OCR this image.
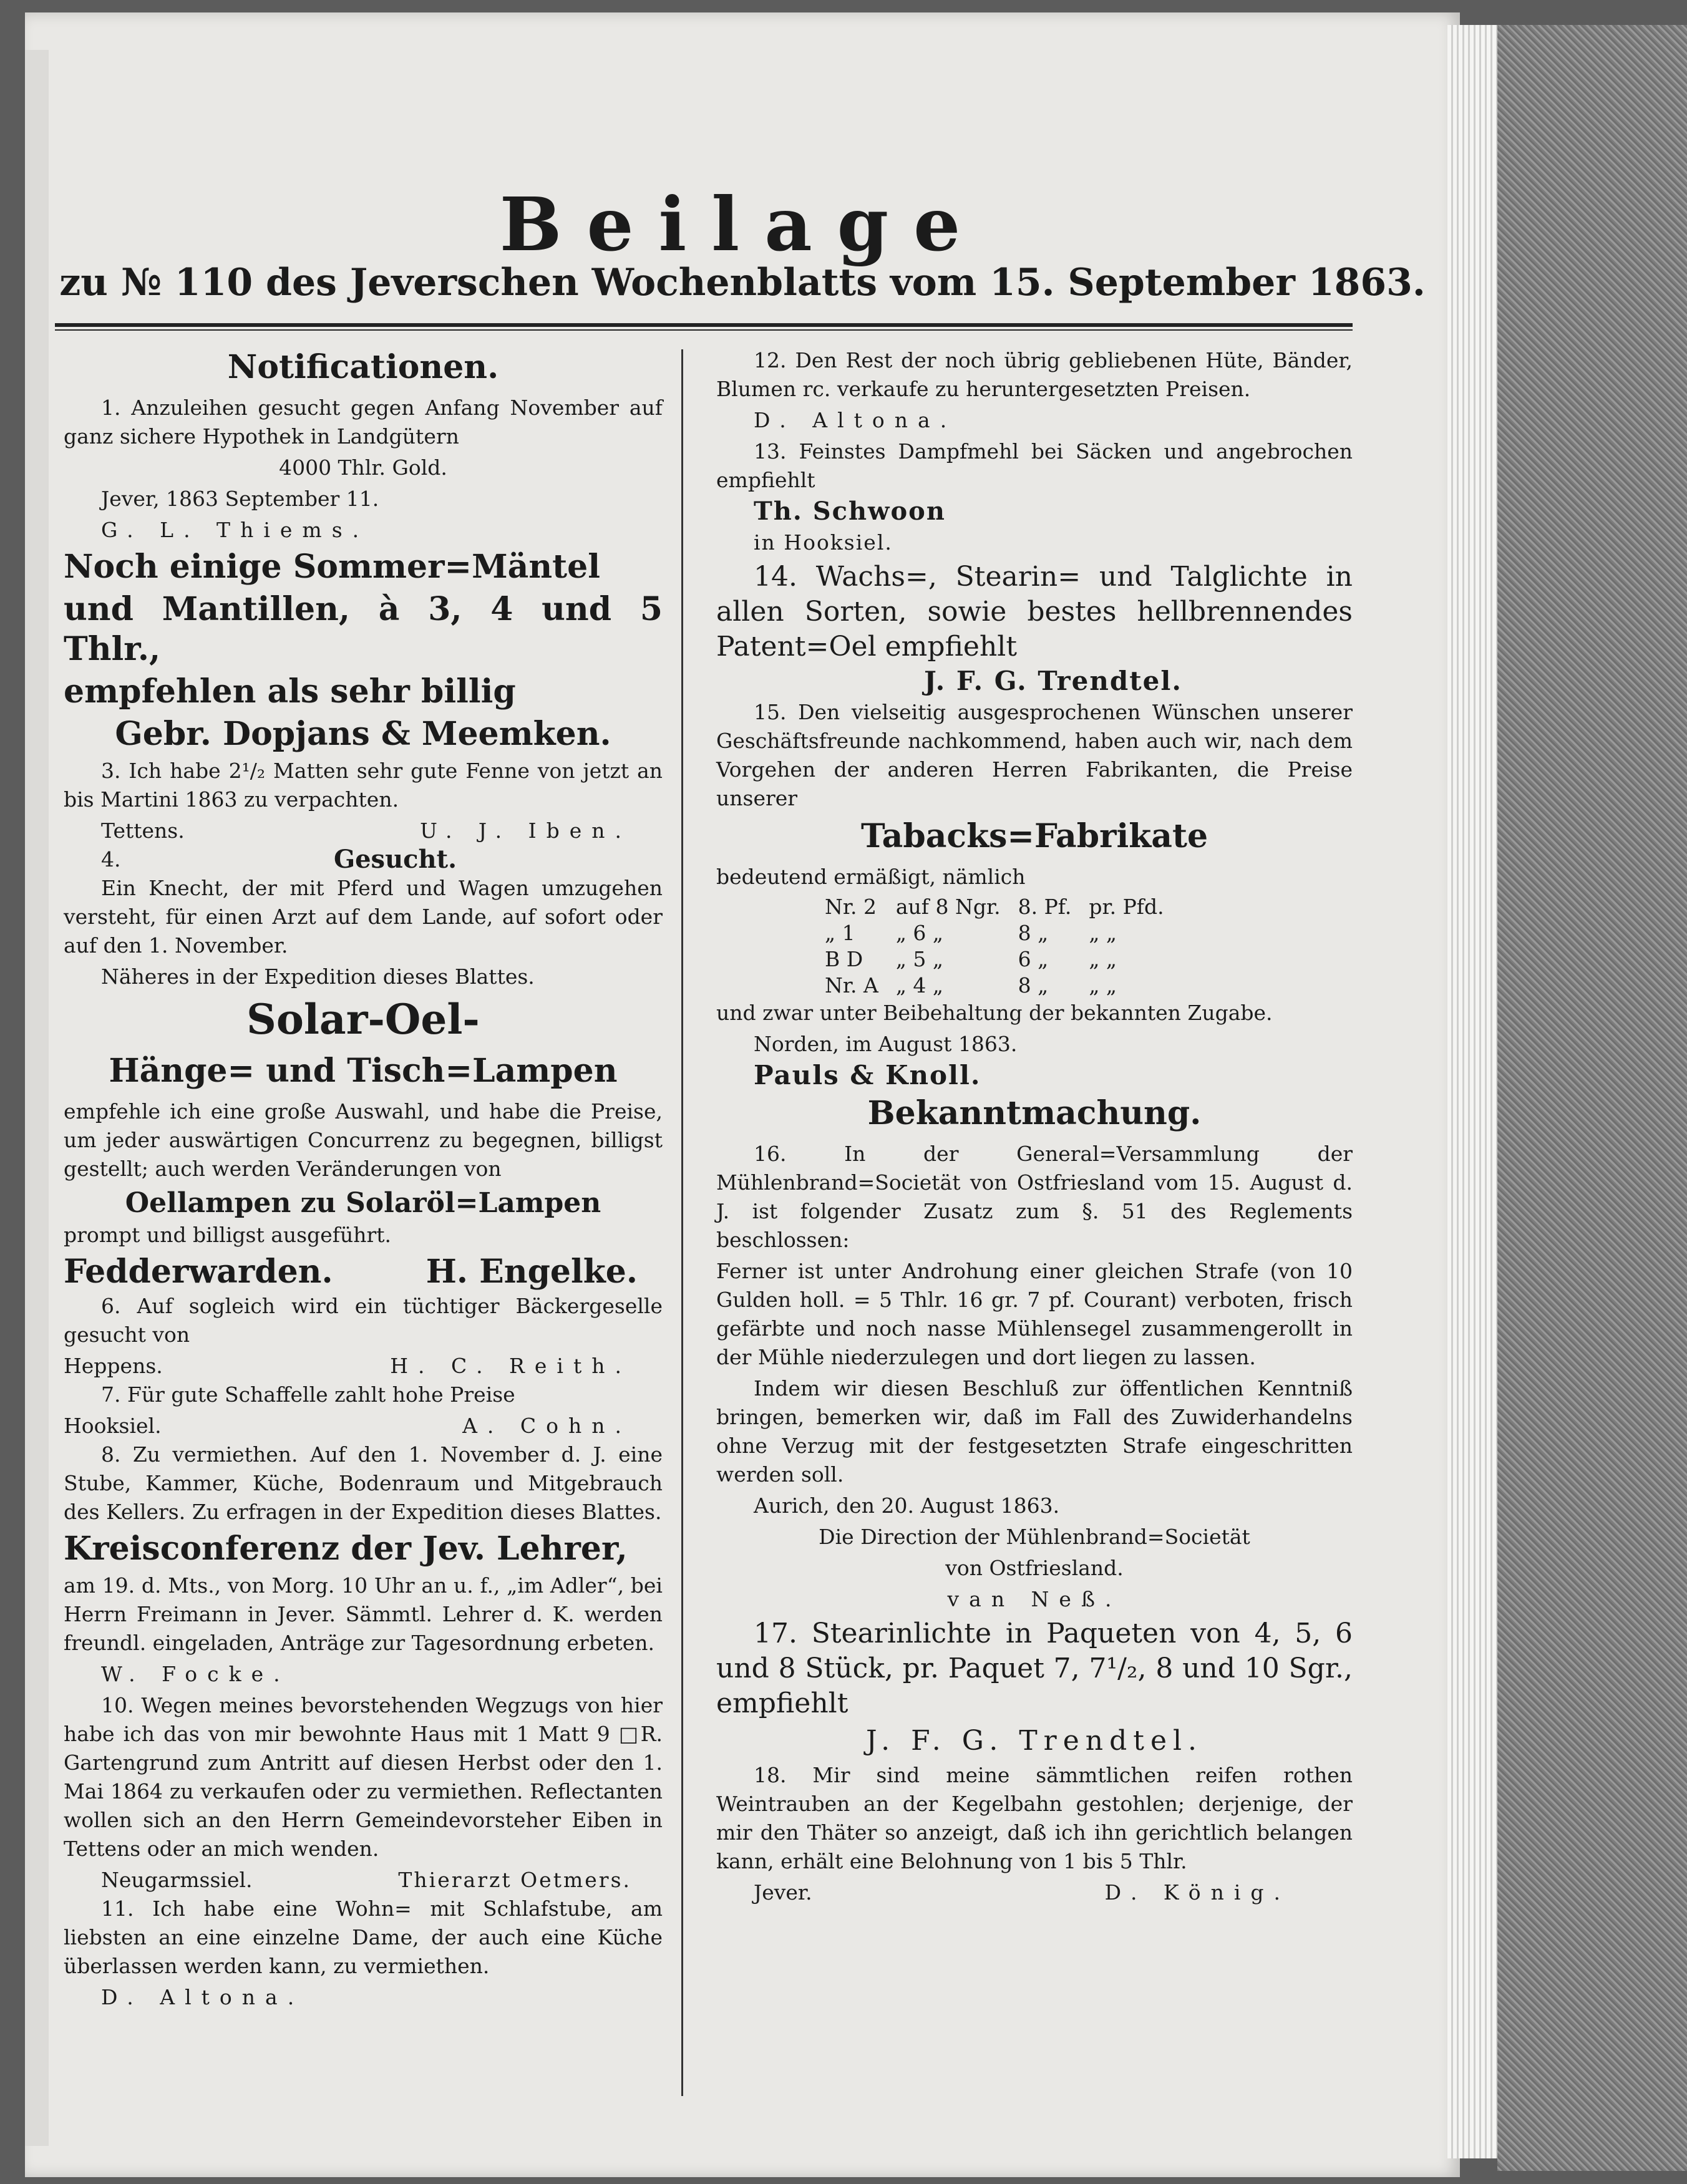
Beilage
zu № 110 des Jeverschen Wochenblatts vom 15. September 1863.
Notificationen.

1. Anzuleihen gesucht gegen Anfang November auf ganz sichere Hypothek in Landgütern

4000 Thlr. Gold.

Jever, 1863 September 11.

G. L. Thiems.

Noch einige Sommer=Mäntel

und Mantillen, à 3, 4 und 5 Thlr.,

empfehlen als sehr billig

Gebr. Dopjans & Meemken.

3. Ich habe 2¹/₂ Matten sehr gute Fenne von jetzt an bis Martini 1863 zu verpachten.

Tettens.	U. J. Iben.
4.	Gesucht.

Ein Knecht, der mit Pferd und Wagen umzugehen versteht, für einen Arzt auf dem Lande, auf sofort oder auf den 1. November.

Näheres in der Expedition dieses Blattes.

Solar-Oel-
Hänge= und Tisch=Lampen

empfehle ich eine große Auswahl, und habe die Preise, um jeder auswärtigen Concurrenz zu begegnen, billigst gestellt; auch werden Veränderungen von

Oellampen zu Solaröl=Lampen

prompt und billigst ausgeführt.

Fedderwarden.	H. Engelke.

6. Auf sogleich wird ein tüchtiger Bäckergeselle gesucht von

Heppens.	H. C. Reith.

7. Für gute Schaffelle zahlt hohe Preise

Hooksiel.	A. Cohn.

8. Zu vermiethen. Auf den 1. November d. J. eine Stube, Kammer, Küche, Bodenraum und Mitgebrauch des Kellers. Zu erfragen in der Expedition dieses Blattes.

Kreisconferenz der Jev. Lehrer,

am 19. d. Mts., von Morg. 10 Uhr an u. f., „im Adler“, bei Herrn Freimann in Jever. Sämmtl. Lehrer d. K. werden freundl. eingeladen, Anträge zur Tagesordnung erbeten.

W. Focke.

10. Wegen meines bevorstehenden Wegzugs von hier habe ich das von mir bewohnte Haus mit 1 Matt 9 □R. Gartengrund zum Antritt auf diesen Herbst oder den 1. Mai 1864 zu verkaufen oder zu vermiethen. Reflectanten wollen sich an den Herrn Gemeindevorsteher Eiben in Tettens oder an mich wenden.

Neugarmssiel.	Thierarzt Oetmers.

11. Ich habe eine Wohn= mit Schlafstube, am liebsten an eine einzelne Dame, der auch eine Küche überlassen werden kann, zu vermiethen.

D. Altona.

12. Den Rest der noch übrig gebliebenen Hüte, Bänder, Blumen rc. verkaufe zu heruntergesetzten Preisen.

D. Altona.

13. Feinstes Dampfmehl bei Säcken und angebrochen empfiehlt

Th. Schwoon

in Hooksiel.

14. Wachs=, Stearin= und Talglichte in allen Sorten, sowie bestes hellbrennendes Patent=Oel empfiehlt

J. F. G. Trendtel.

15. Den vielseitig ausgesprochenen Wünschen unserer Geschäftsfreunde nachkommend, haben auch wir, nach dem Vorgehen der anderen Herren Fabrikanten, die Preise unserer

Tabacks=Fabrikate

bedeutend ermäßigt, nämlich

Nr. 2	auf 8 Ngr.	8. Pf.	pr. Pfd.
„ 1	„ 6 „	8 „	„ „
B D	„ 5 „	6 „	„ „
Nr. A	„ 4 „	8 „	„ „

und zwar unter Beibehaltung der bekannten Zugabe.

Norden, im August 1863.

Pauls & Knoll.

Bekanntmachung.

16. In der General=Versammlung der Mühlenbrand=Societät von Ostfriesland vom 15. August d. J. ist folgender Zusatz zum §. 51 des Reglements beschlossen:

Ferner ist unter Androhung einer gleichen Strafe (von 10 Gulden holl. = 5 Thlr. 16 gr. 7 pf. Courant) verboten, frisch gefärbte und noch nasse Mühlensegel zusammengerollt in der Mühle niederzulegen und dort liegen zu lassen.

Indem wir diesen Beschluß zur öffentlichen Kenntniß bringen, bemerken wir, daß im Fall des Zuwiderhandelns ohne Verzug mit der festgesetzten Strafe eingeschritten werden soll.

Aurich, den 20. August 1863.

Die Direction der Mühlenbrand=Societät

von Ostfriesland.

van Neß.

17. Stearinlichte in Paqueten von 4, 5, 6 und 8 Stück, pr. Paquet 7, 7¹/₂, 8 und 10 Sgr., empfiehlt

J. F. G. Trendtel.

18. Mir sind meine sämmtlichen reifen rothen Weintrauben an der Kegelbahn gestohlen; derjenige, der mir den Thäter so anzeigt, daß ich ihn gerichtlich belangen kann, erhält eine Belohnung von 1 bis 5 Thlr.

Jever.	D. König.
